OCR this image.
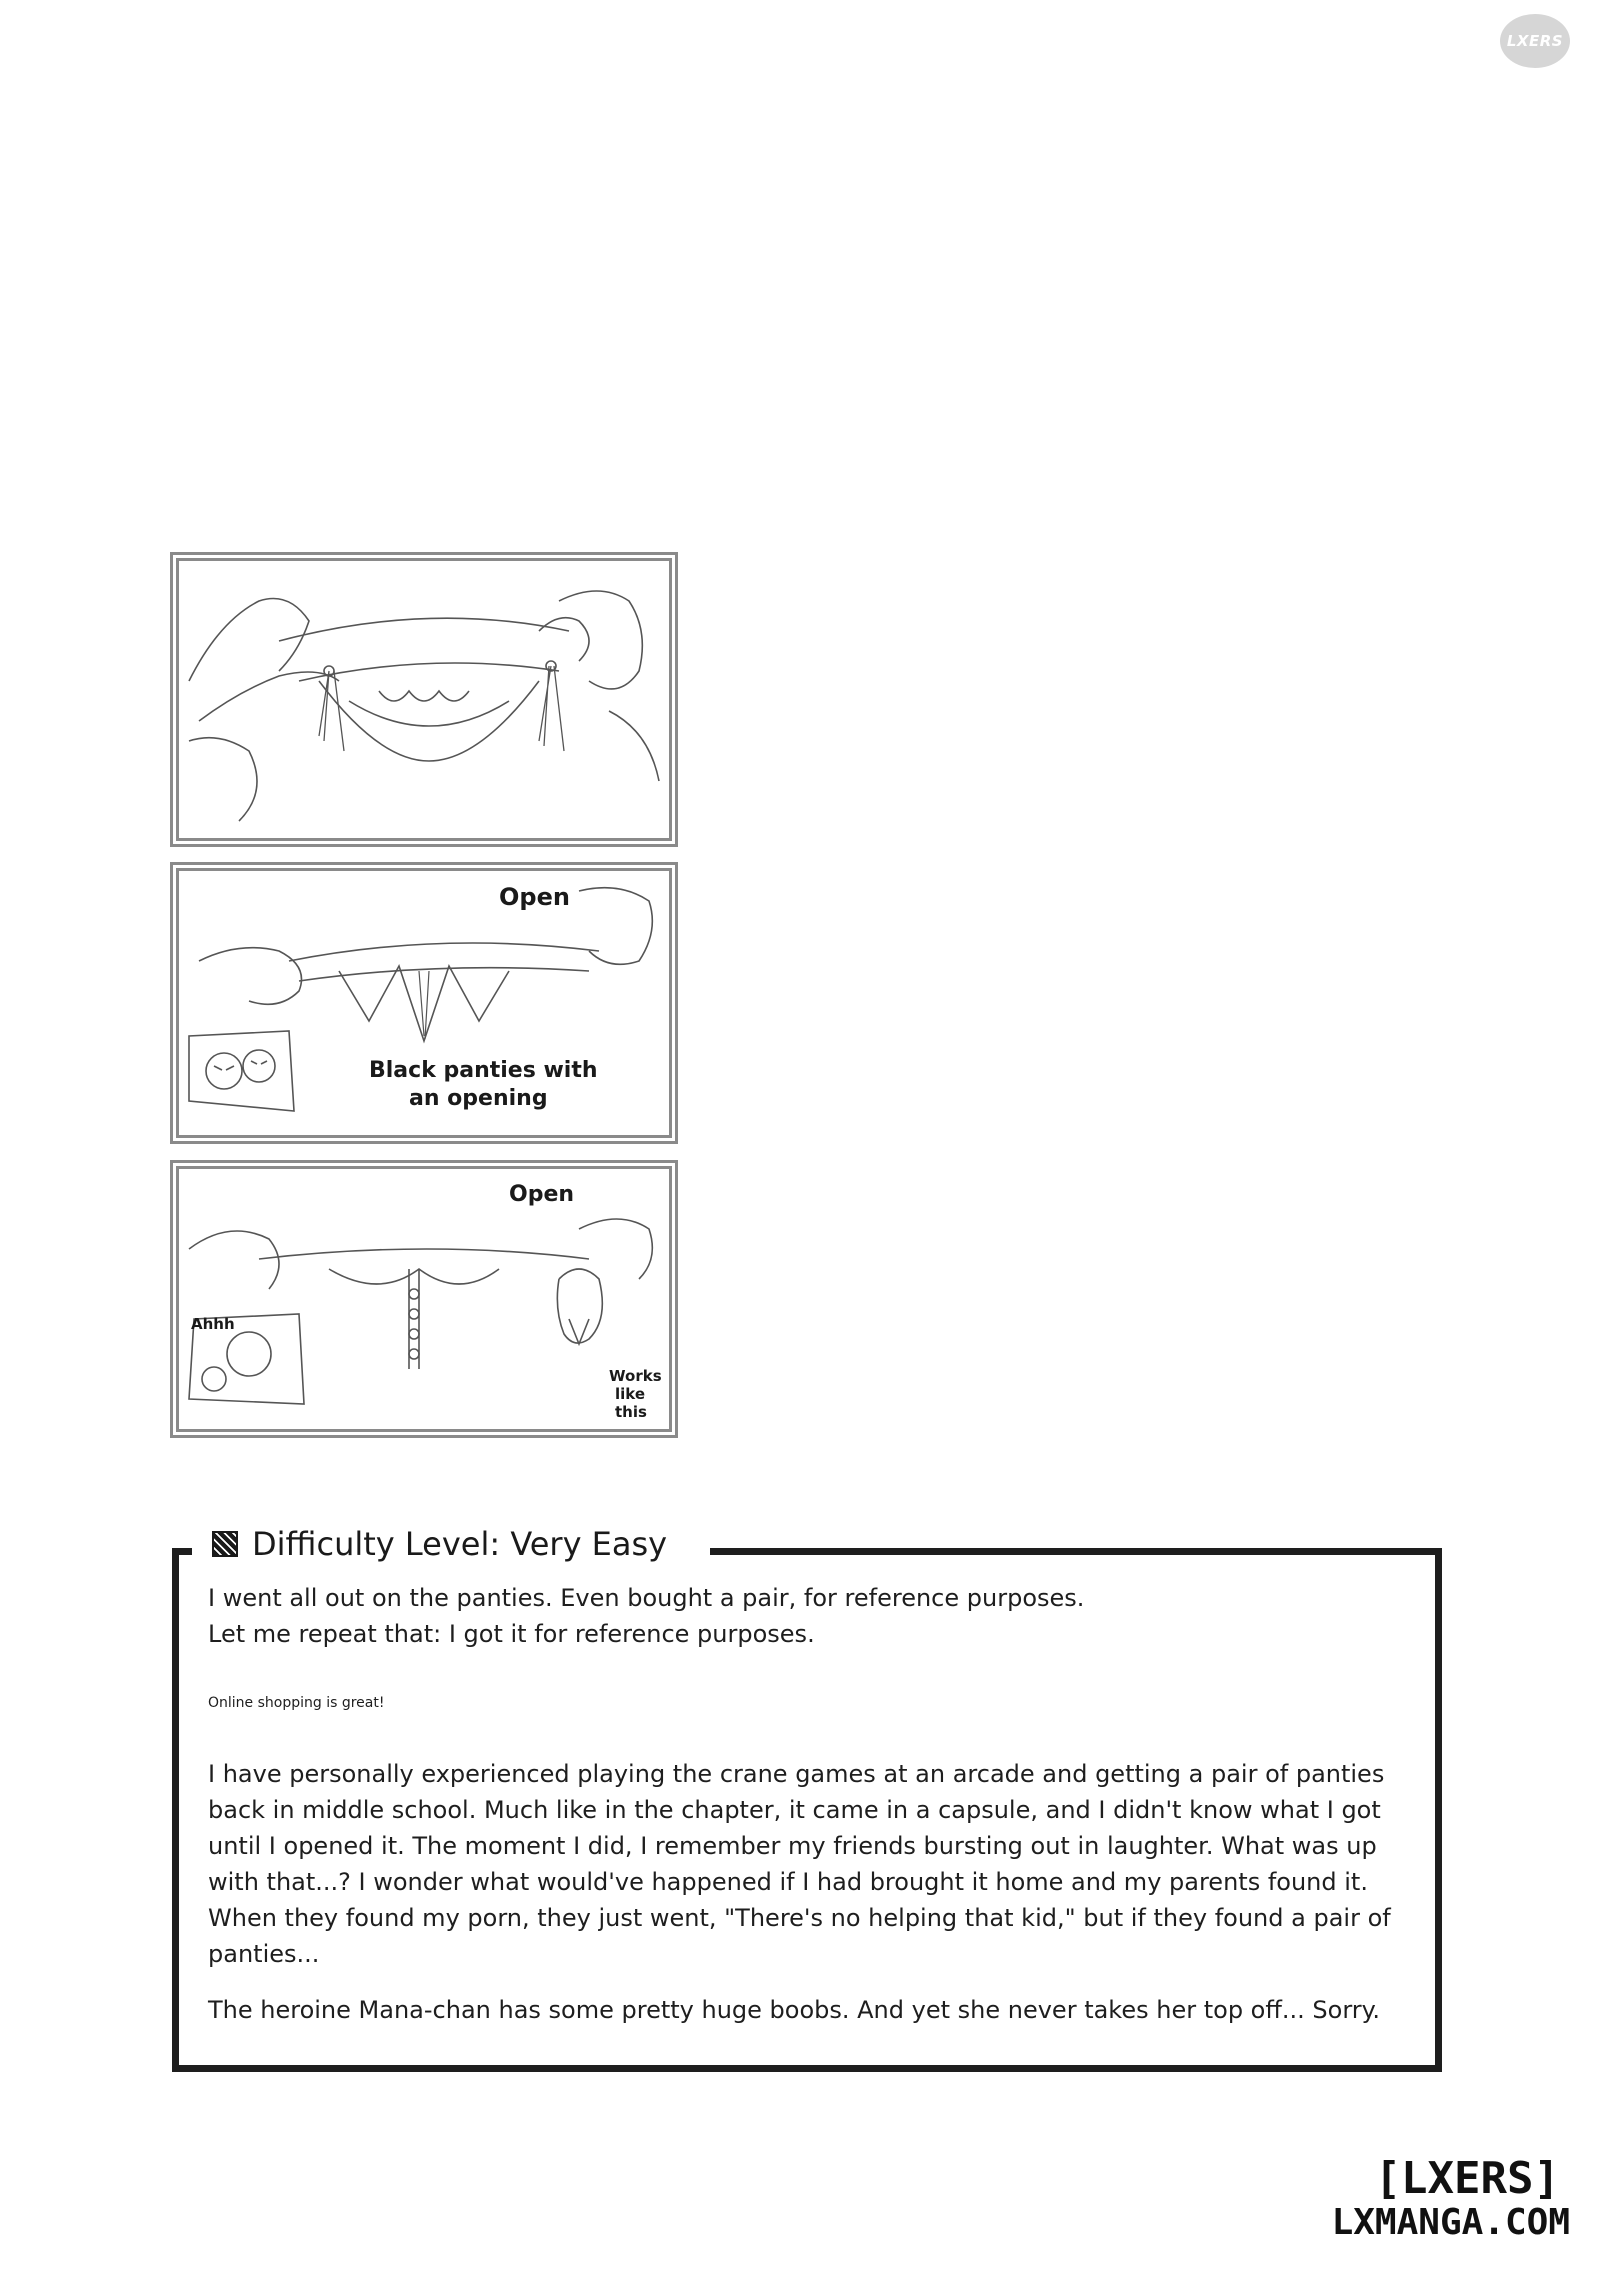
LXERS
Open
Black panties with
an opening
Open
Ahhh
Works
like
this
Difficulty Level: Very Easy
I went all out on the panties. Even bought a pair, for reference purposes.
Let me repeat that: I got it for reference purposes.
Online shopping is great!
I have personally experienced playing the crane games at an arcade and getting a pair of panties back in middle school. Much like in the chapter, it came in a capsule, and I didn't know what I got until I opened it. The moment I did, I remember my friends bursting out in laughter. What was up with that...? I wonder what would've happened if I had brought it home and my parents found it. When they found my porn, they just went, "There's no helping that kid," but if they found a pair of panties...
The heroine Mana-chan has some pretty huge boobs. And yet she never takes her top off... Sorry.
[LXERS]
LXMANGA.COM
